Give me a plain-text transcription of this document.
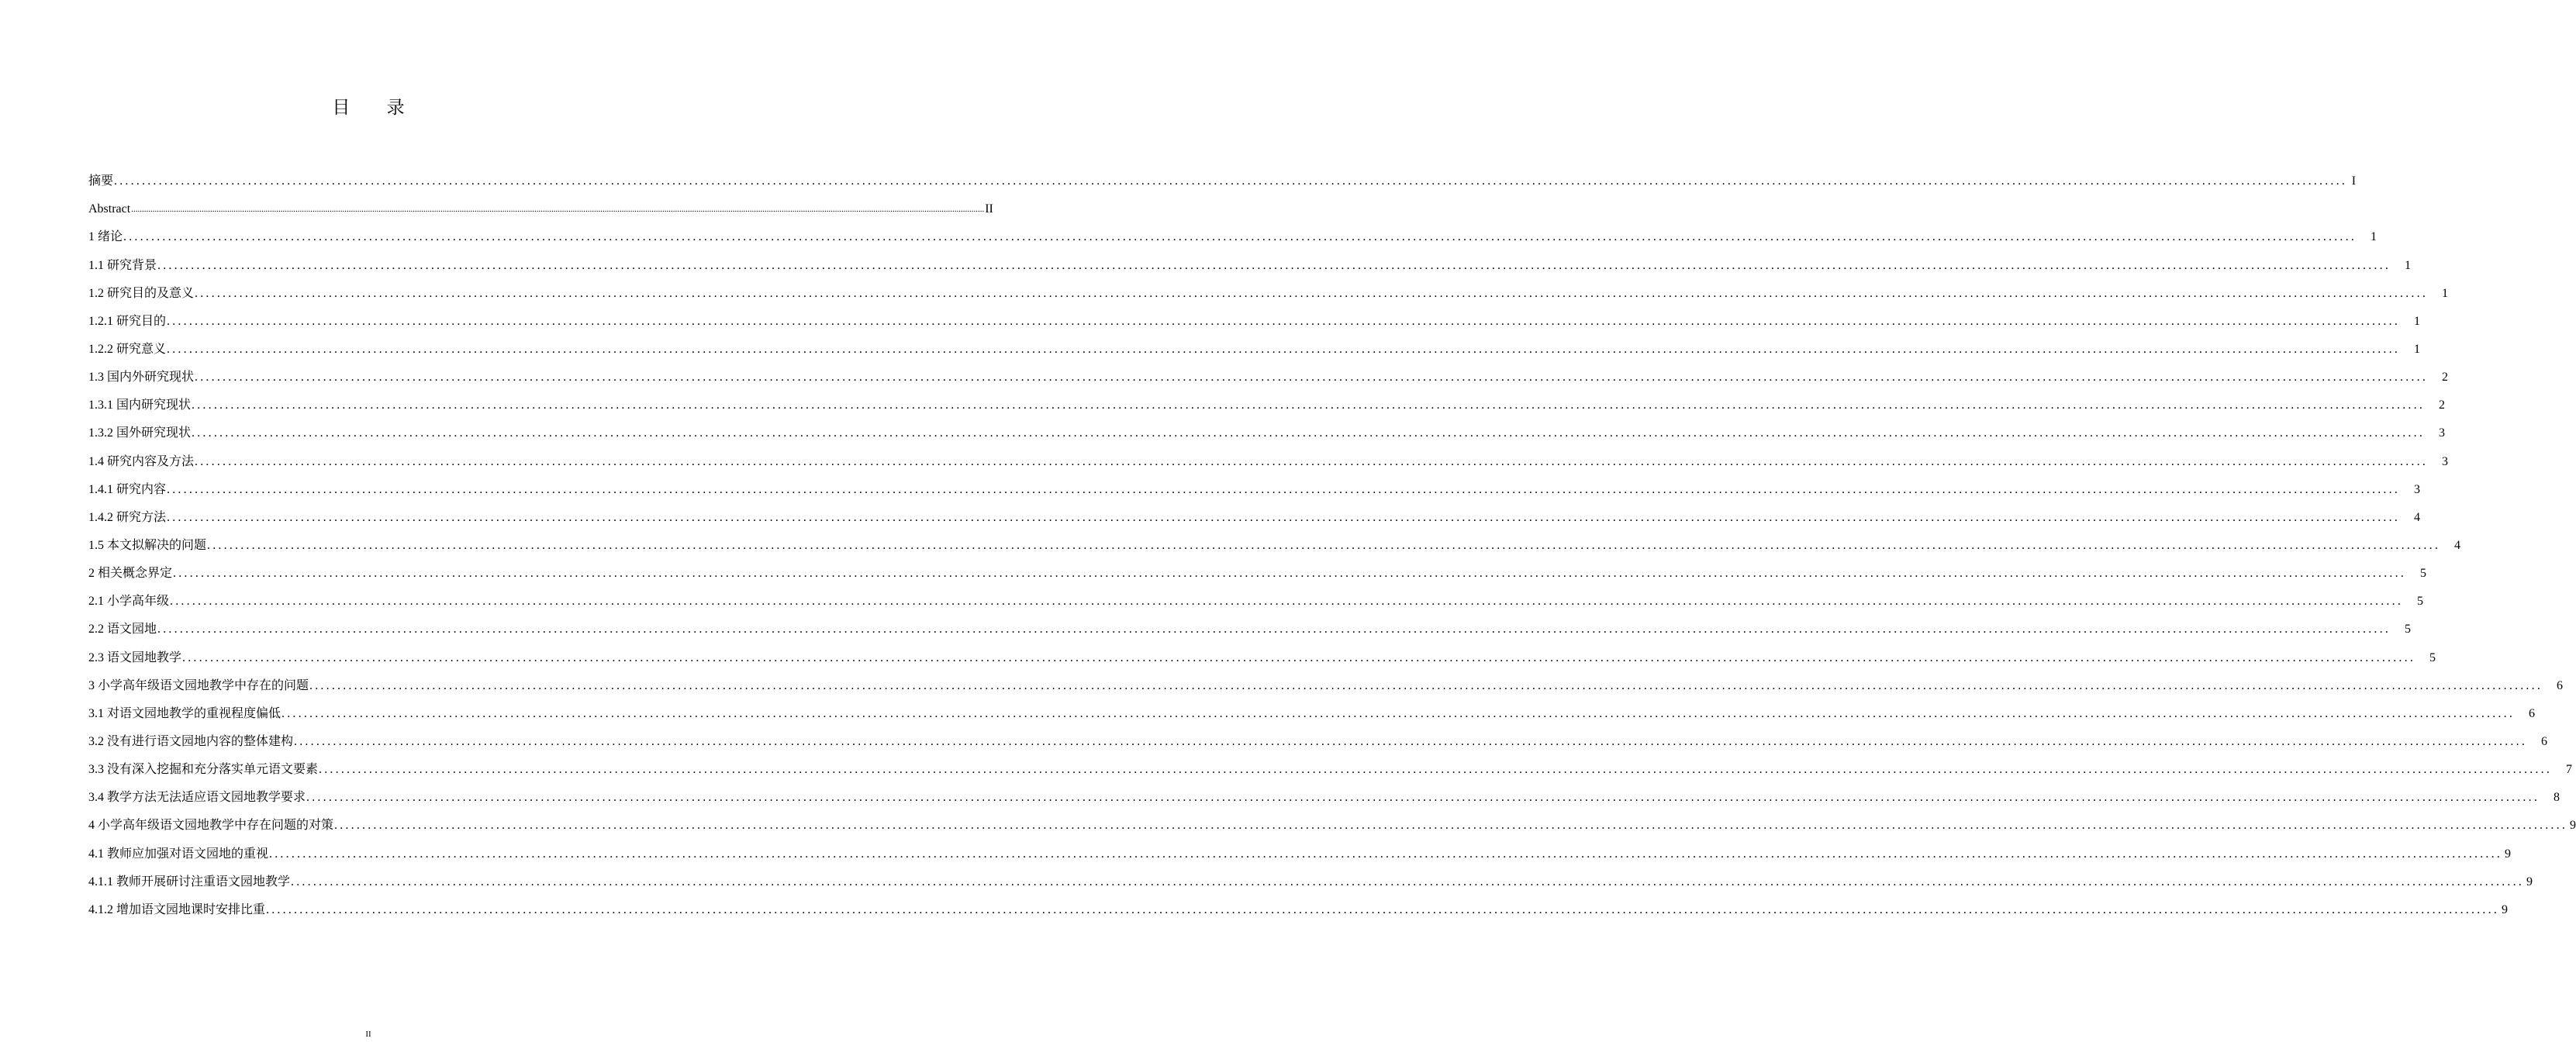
目 录
摘要 ................................................................................................................................................................................................................................................................................................................................................................................................................ I
Abstract ................................................................................................................................................................................................................................................................................................................................................................................................................ II
1 绪论 ................................................................................................................................................................................................................................................................................................................................................................................................................ 1
1.1 研究背景 ................................................................................................................................................................................................................................................................................................................................................................................................................ 1
1.2 研究目的及意义 ................................................................................................................................................................................................................................................................................................................................................................................................................ 1
1.2.1 研究目的 ................................................................................................................................................................................................................................................................................................................................................................................................................ 1
1.2.2 研究意义 ................................................................................................................................................................................................................................................................................................................................................................................................................ 1
1.3 国内外研究现状 ................................................................................................................................................................................................................................................................................................................................................................................................................ 2
1.3.1 国内研究现状 ................................................................................................................................................................................................................................................................................................................................................................................................................ 2
1.3.2 国外研究现状 ................................................................................................................................................................................................................................................................................................................................................................................................................ 3
1.4 研究内容及方法 ................................................................................................................................................................................................................................................................................................................................................................................................................ 3
1.4.1 研究内容 ................................................................................................................................................................................................................................................................................................................................................................................................................ 3
1.4.2 研究方法 ................................................................................................................................................................................................................................................................................................................................................................................................................ 4
1.5 本文拟解决的问题 ................................................................................................................................................................................................................................................................................................................................................................................................................ 4
2 相关概念界定 ................................................................................................................................................................................................................................................................................................................................................................................................................ 5
2.1 小学高年级 ................................................................................................................................................................................................................................................................................................................................................................................................................ 5
2.2 语文园地 ................................................................................................................................................................................................................................................................................................................................................................................................................ 5
2.3 语文园地教学 ................................................................................................................................................................................................................................................................................................................................................................................................................ 5
3 小学高年级语文园地教学中存在的问题 ................................................................................................................................................................................................................................................................................................................................................................................................................ 6
3.1 对语文园地教学的重视程度偏低 ................................................................................................................................................................................................................................................................................................................................................................................................................ 6
3.2 没有进行语文园地内容的整体建构 ................................................................................................................................................................................................................................................................................................................................................................................................................ 6
3.3 没有深入挖掘和充分落实单元语文要素 ................................................................................................................................................................................................................................................................................................................................................................................................................ 7
3.4 教学方法无法适应语文园地教学要求 ................................................................................................................................................................................................................................................................................................................................................................................................................ 8
4 小学高年级语文园地教学中存在问题的对策 ................................................................................................................................................................................................................................................................................................................................................................................................................ 9
4.1 教师应加强对语文园地的重视 ................................................................................................................................................................................................................................................................................................................................................................................................................ 9
4.1.1 教师开展研讨注重语文园地教学 ................................................................................................................................................................................................................................................................................................................................................................................................................ 9
4.1.2 增加语文园地课时安排比重 ................................................................................................................................................................................................................................................................................................................................................................................................................ 9
II
